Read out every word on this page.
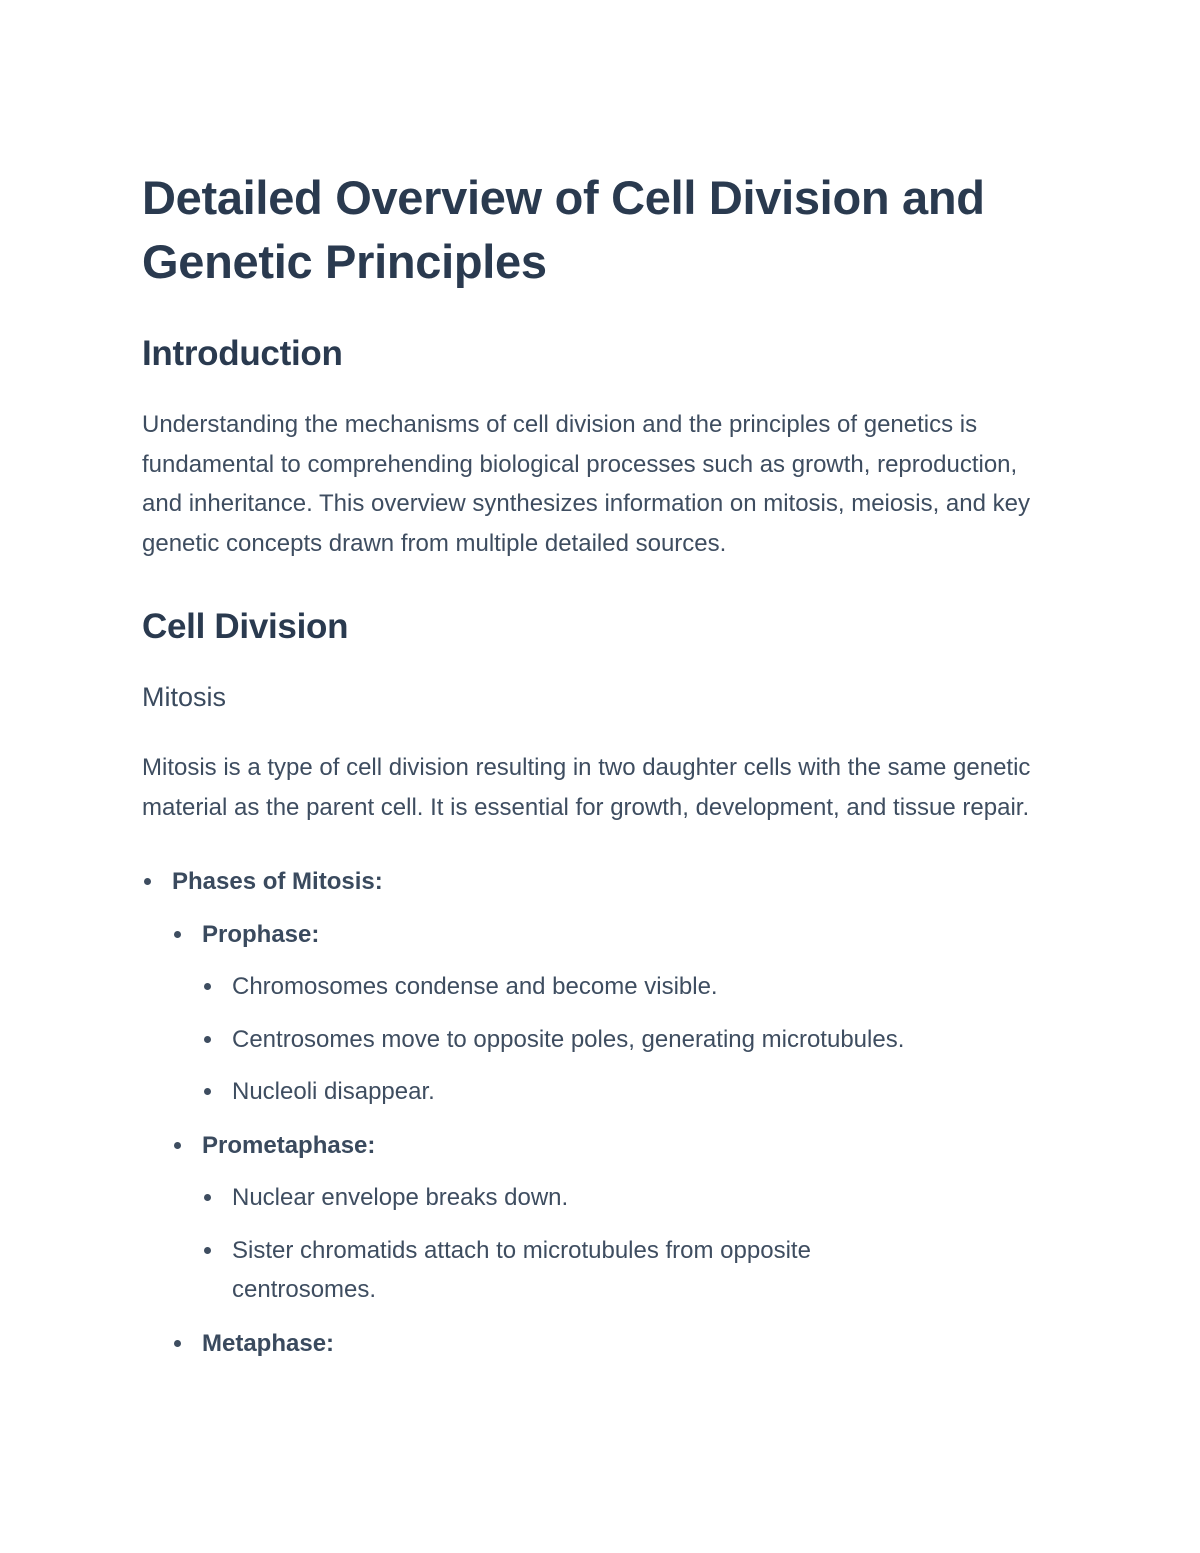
Detailed Overview of Cell Division and Genetic Principles
Introduction

Understanding the mechanisms of cell division and the principles of genetics is fundamental to comprehending biological processes such as growth, reproduction, and inheritance. This overview synthesizes information on mitosis, meiosis, and key genetic concepts drawn from multiple detailed sources.

Cell Division
Mitosis

Mitosis is a type of cell division resulting in two daughter cells with the same genetic material as the parent cell. It is essential for growth, development, and tissue repair.

Phases of Mitosis:
Prophase:
Chromosomes condense and become visible.
Centrosomes move to opposite poles, generating microtubules.
Nucleoli disappear.
Prometaphase:
Nuclear envelope breaks down.
Sister chromatids attach to microtubules from opposite centrosomes.
Metaphase:
